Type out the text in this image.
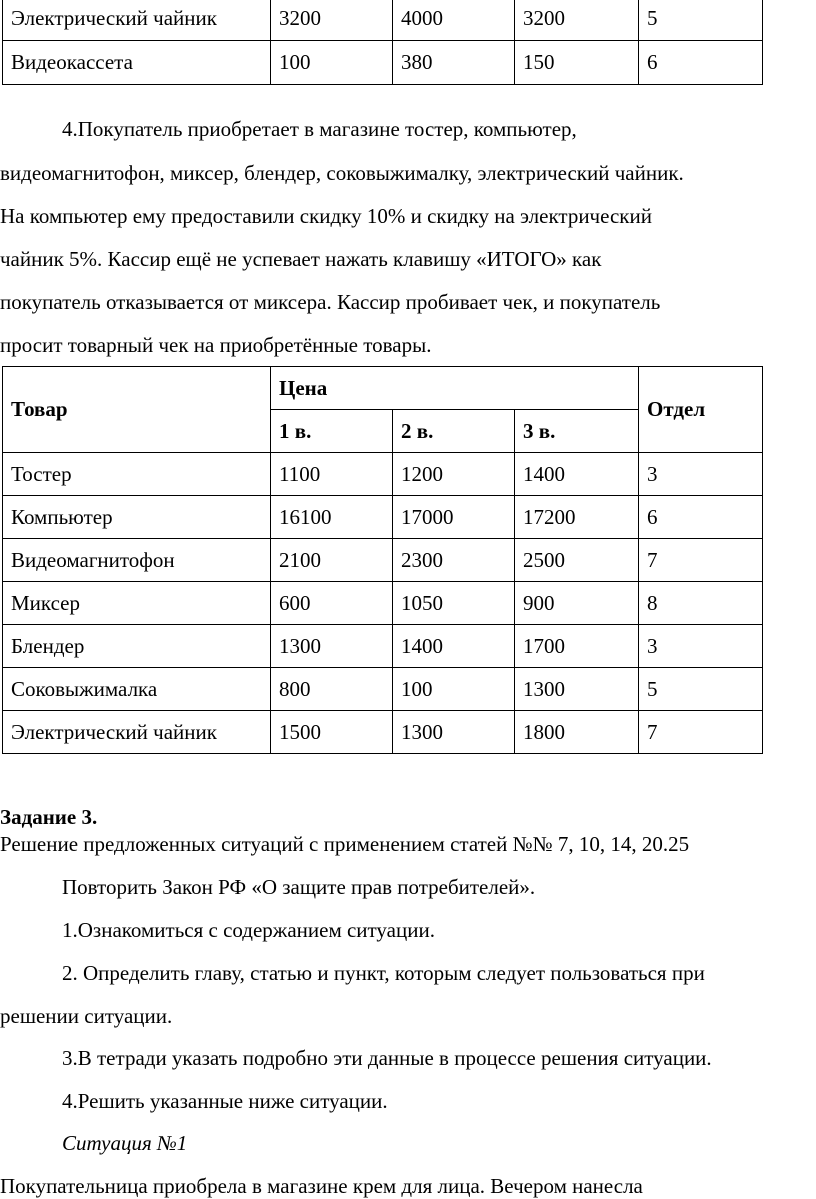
Электрический чайник	3200	4000	3200	5
Видеокассета	100	380	150	6

4.Покупатель приобретает в магазине тостер, компьютер,

видеомагнитофон, миксер, блендер, соковыжималку, электрический чайник.

На компьютер ему предоставили скидку 10% и скидку на электрический

чайник 5%. Кассир ещё не успевает нажать клавишу «ИТОГО» как

покупатель отказывается от миксера. Кассир пробивает чек, и покупатель

просит товарный чек на приобретённые товары.

Товар	Цена			Отдел
	1 в.	2 в.	3 в.	
Тостер	1100	1200	1400	3
Компьютер	16100	17000	17200	6
Видеомагнитофон	2100	2300	2500	7
Миксер	600	1050	900	8
Блендер	1300	1400	1700	3
Соковыжималка	800	100	1300	5
Электрический чайник	1500	1300	1800	7

Задание 3.

Решение предложенных ситуаций с применением статей №№ 7, 10, 14, 20.25

Повторить Закон РФ «О защите прав потребителей».

1.Ознакомиться с содержанием ситуации.

2. Определить главу, статью и пункт, которым следует пользоваться при

решении ситуации.

3.В тетради указать подробно эти данные в процессе решения ситуации.

4.Решить указанные ниже ситуации.

Ситуация №1

Покупательница приобрела в магазине крем для лица. Вечером нанесла
